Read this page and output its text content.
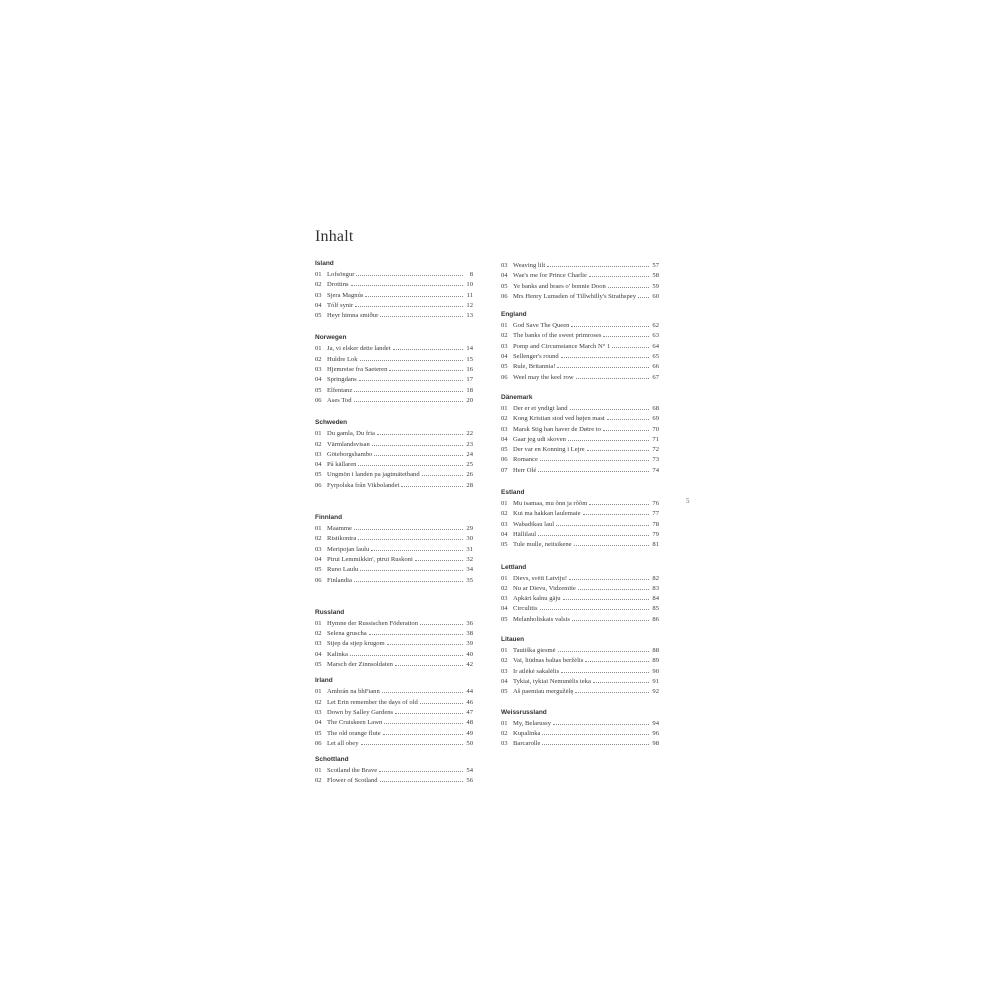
Inhalt
Island
01 Lofsöngur	8
02 Drottins	10
03 Sjera Magnús	11
04 Tólf synir	12
05 Heyr himna smiður	13
Norwegen
01 Ja, vi elsker dette landet	14
02 Huldre Lok	15
03 Hjemreise fra Saeteren	16
04 Springdans	17
05 Elfentanz	18
06 Ases Tod	20
Schweden
01 Du gamla, Du fria	22
02 Värmlandsvisan	23
03 Göteborgshambo	24
04 På källaren	25
05 Ungmön i landen pa jagtmätetband	26
06 Fyrpolska från Vikbolandet	28
Finnland
01 Maamme	29
02 Ristikontra	30
03 Meripojan laulu	31
04 Ptrui Lemmikkin', ptrui Ruskoni	32
05 Runo Laulu	34
06 Finlandia	35
Russland
01 Hymne der Russischen Föderation	36
02 Selena gruscha	38
03 Stjep da stjep krugom	39
04 Kalinka	40
05 Marsch der Zinnsoldaten	42
Irland
01 Amhrán na bhFiann	44
02 Let Erin remember the days of old	46
03 Down by Salley Gardens	47
04 The Cruiskeen Lawn	48
05 The old orange flute	49
06 Let all obey	50
Schottland
01 Scotland the Brave	54
02 Flower of Scotland	56
03 Weaving lilt	57
04 Wae's me for Prince Charlie	58
05 Ye banks and braes o' bonnie Doon	59
06 Mrs Henry Lumsden of Tillwhilly's Strathspey 60
England
01 God Save The Queen	62
02 The banks of the sweet primroses	63
03 Pomp and Circumstance March N° 1	64
04 Sellenger's round	65
05 Rule, Britannia!	66
06 Weel may the keel row	67
Dänemark
01 Der er et yndigt land	68
02 Kong Kristian stod ved højen mast	69
03 Marsk Stig han haver de Døtre to	70
04 Gaar jeg udi skoven	71
05 Der var en Konning i Lejre	72
06 Romance	73
07 Herr Olé	74
Estland
01 Mu isamaa, mu õnn ja rõõm	76
02 Kui ma hakkan laulemaie	77
03 Wabadikau laul	78
04 Hällilaul	79
05 Tule mulle, neitsikene	81
Lettland
01 Dievs, svētī Latviju!	82
02 Nu ar Dievu, Vidzemīte	83
03 Apkārt kalnu gāju	84
04 Circulītis	85
05 Melanholiskais valsis	86
Litauen
01 Tautiška giesmė	88
02 Vai, liūdnas baltas beržėlis	89
03 Ir atlėkė sakalėlis	90
04 Tykiai, tykiai Nemunėlis teka	91
05 Aš paemiau mergužėlę	92
Weissrussland
01 My, Belarussy	94
02 Kupalinka	96
03 Barcarolle	98
5
